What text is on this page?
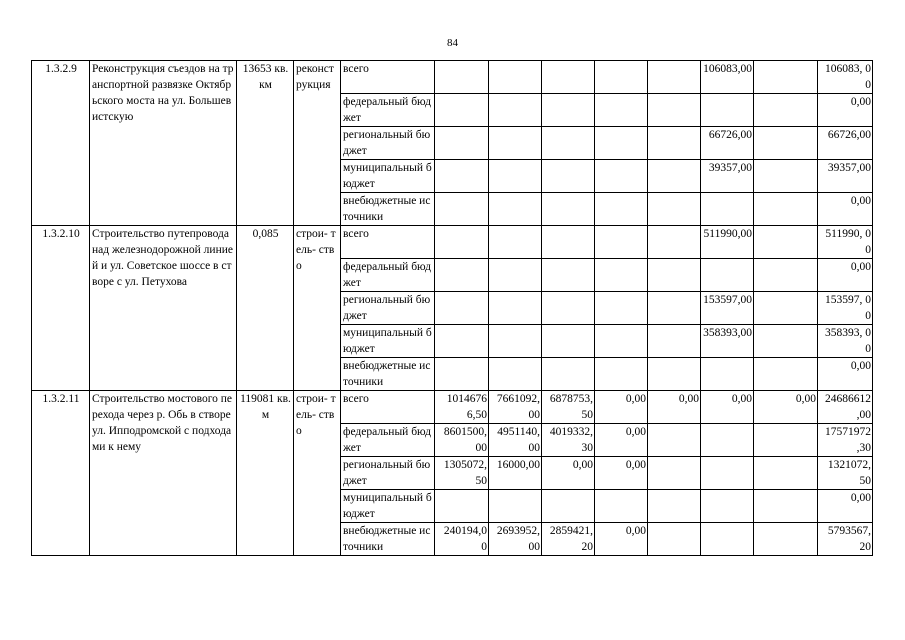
84
1.3.2.9	Реконструкция съездов на транспортной развязке Октябрьского моста на ул. Большевистскую	13653 кв. км	реконст рукция	всего						106083,00		106083, 00
				федеральный бюджет								0,00
				региональный бюджет						66726,00		66726,00
				муниципальный бюджет						39357,00		39357,00
				внебюджетные источники								0,00
1.3.2.10	Строительство путепровода над железнодорожной линией и ул. Советское шоссе в створе с ул. Петухова	0,085	строи- тель- ство	всего						511990,00		511990, 00
				федеральный бюджет								0,00
				региональный бюджет						153597,00		153597, 00
				муниципальный бюджет						358393,00		358393, 00
				внебюджетные источники								0,00
1.3.2.11	Строительство мостового перехода через р. Обь в створе ул. Ипподромской с подходами к нему	119081 кв. м	строи- тель- ство	всего	1014676 6,50	7661092, 00	6878753, 50	0,00	0,00	0,00	0,00	24686612 ,00
				федеральный бюджет	8601500, 00	4951140, 00	4019332, 30	0,00				17571972 ,30
				региональный бюджет	1305072, 50	16000,00	0,00	0,00				1321072, 50
				муниципальный бюджет								0,00
				внебюджетные источники	240194,0 0	2693952, 00	2859421, 20	0,00				5793567, 20
